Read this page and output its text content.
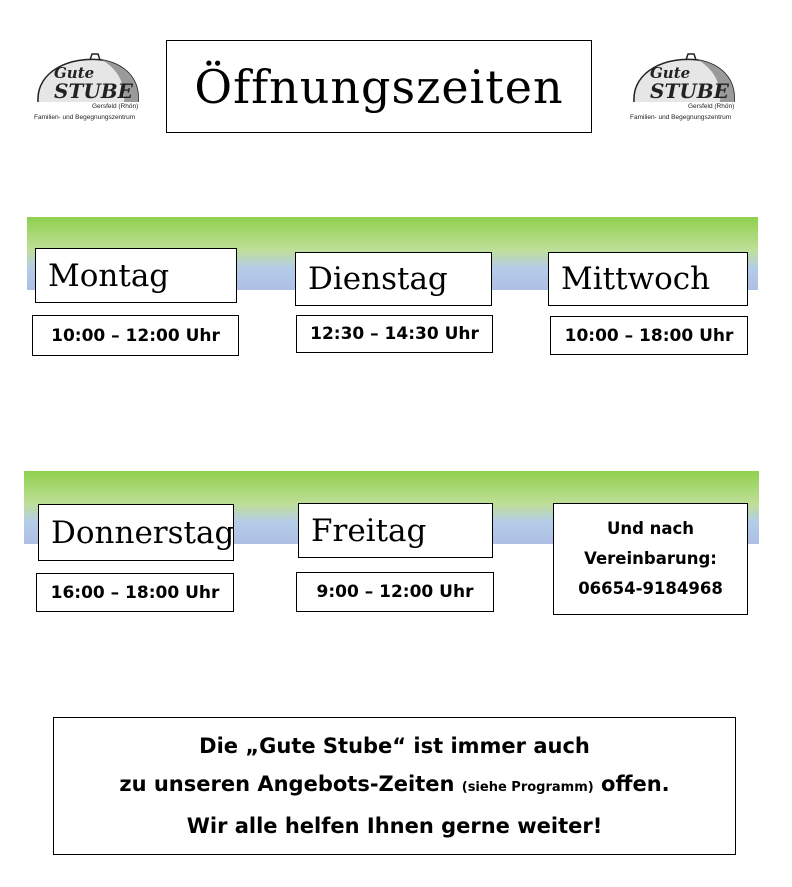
Gute
STUBE
Gersfeld (Rhön)
Familien- und Begegnungszentrum
Öffnungszeiten	Gute
STUBE
Gersfeld (Rhön)
Familien- und Begegnungszentrum
Montag
10:00 – 12:00 Uhr
Dienstag
12:30 – 14:30 Uhr
Mittwoch
10:00 – 18:00 Uhr
Donnerstag
16:00 – 18:00 Uhr
Freitag
9:00 – 12:00 Uhr
Und nach
Vereinbarung:
06654-9184968
Die „Gute Stube“ ist immer auch
zu unseren Angebots-Zeiten (siehe Programm) offen.
Wir alle helfen Ihnen gerne weiter!
